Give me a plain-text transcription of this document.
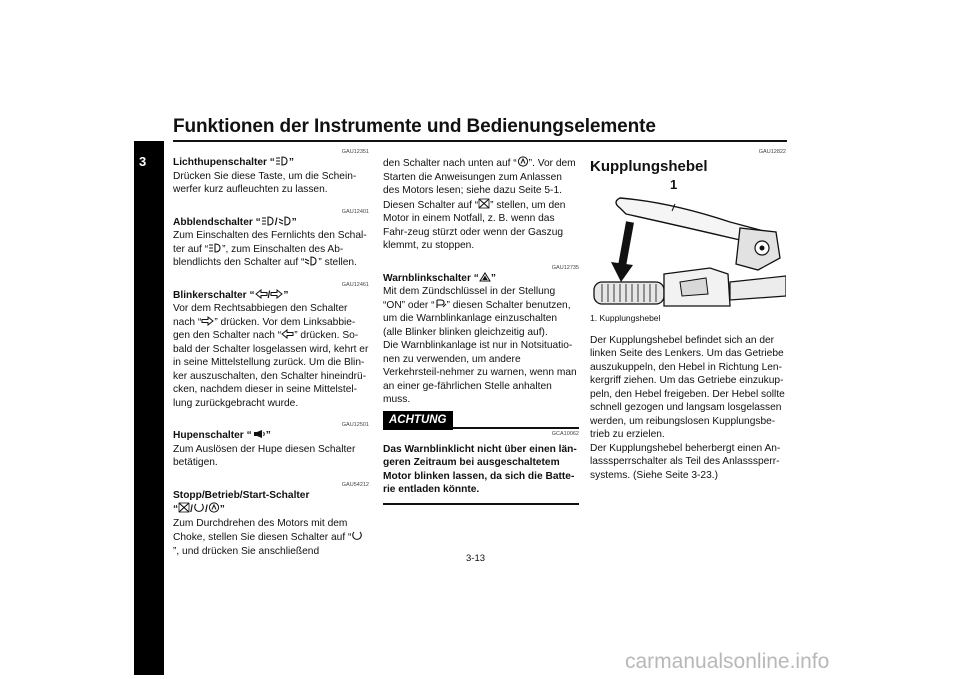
Funktionen der Instrumente und Bedienungselemente
3
GAU12351
Lichthupenschalter “ ”

Drücken Sie diese Taste, um die Schein-werfer kurz aufleuchten zu lassen.

GAU12401
Abblendschalter “ / ”

Zum Einschalten des Fernlichts den Schal-ter auf “ ”, zum Einschalten des Ab-blendlichts den Schalter auf “ ” stellen.

GAU12461
Blinkerschalter “ / ”

Vor dem Rechtsabbiegen den Schalter nach “ ” drücken. Vor dem Linksabbie-gen den Schalter nach “ ” drücken. So-bald der Schalter losgelassen wird, kehrt er in seine Mittelstellung zurück. Um die Blin-ker auszuschalten, den Schalter hineindrü-cken, nachdem dieser in seine Mittelstel-lung zurückgebracht wurde.

GAU12501
Hupenschalter “ ”

Zum Auslösen der Hupe diesen Schalter betätigen.

GAU54212
Stopp/Betrieb/Start-Schalter
“ / / ”

Zum Durchdrehen des Motors mit dem Choke, stellen Sie diesen Schalter auf “
”, und drücken Sie anschließend

den Schalter nach unten auf “ ”. Vor dem Starten die Anweisungen zum Anlassen des Motors lesen; siehe dazu Seite 5-1. Diesen Schalter auf “ ” stellen, um den Motor in einem Notfall, z. B. wenn das Fahr-zeug stürzt oder wenn der Gaszug klemmt, zu stoppen.

GAU12735
Warnblinkschalter “ ”

Mit dem Zündschlüssel in der Stellung “ON” oder “ ” diesen Schalter benutzen, um die Warnblinkanlage einzuschalten (alle Blinker blinken gleichzeitig auf).

Die Warnblinkanlage ist nur in Notsituatio-nen zu verwenden, um andere Verkehrsteil-nehmer zu warnen, wenn man an einer ge-fährlichen Stelle anhalten muss.

ACHTUNG
GCA10062
Das Warnblinklicht nicht über einen län-geren Zeitraum bei ausgeschaltetem Motor blinken lassen, da sich die Batte-rie entladen könnte.
GAU12822
Kupplungshebel
1
1. Kupplungshebel

Der Kupplungshebel befindet sich an der linken Seite des Lenkers. Um das Getriebe auszukuppeln, den Hebel in Richtung Len-kergriff ziehen. Um das Getriebe einzukup-peln, den Hebel freigeben. Der Hebel sollte schnell gezogen und langsam losgelassen werden, um reibungslosen Kupplungsbe-trieb zu erzielen.

Der Kupplungshebel beherbergt einen An-lasssperrschalter als Teil des Anlasssperr-systems. (Siehe Seite 3-23.)

3-13
carmanualsonline.info
